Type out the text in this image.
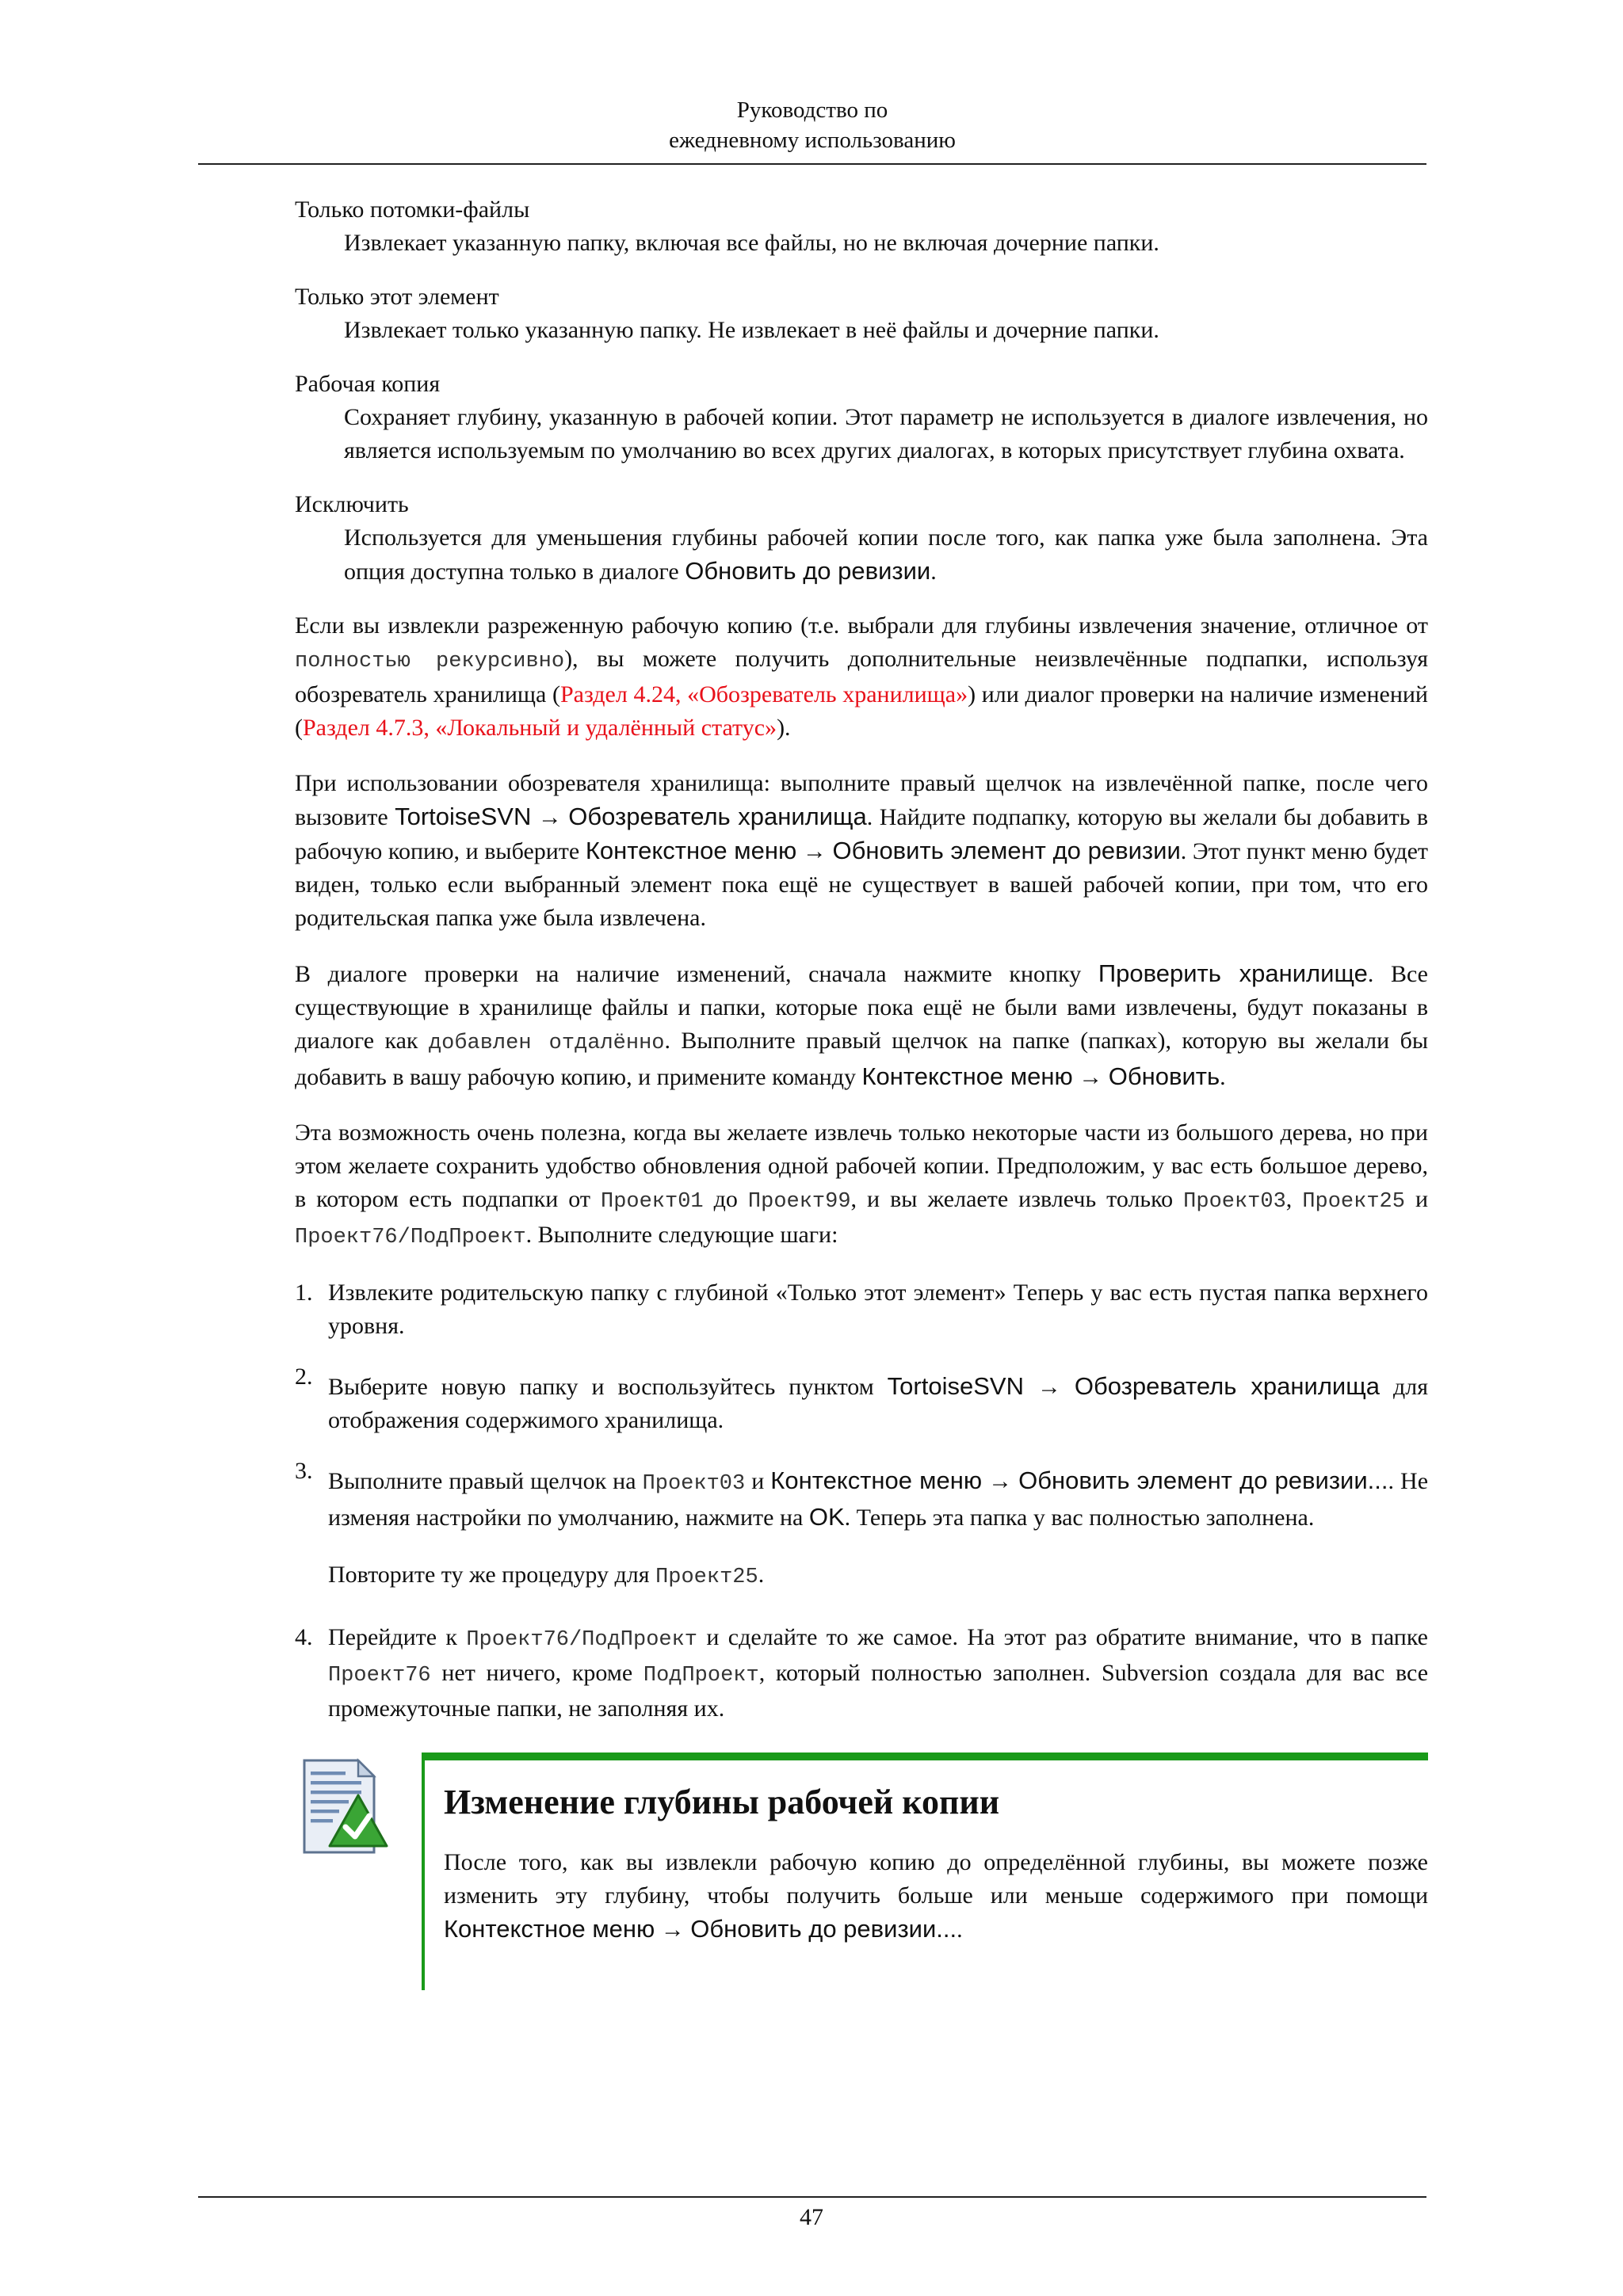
Руководство по
ежедневному использованию
Только потомки-файлы
Извлекает указанную папку, включая все файлы, но не включая дочерние папки.
Только этот элемент
Извлекает только указанную папку. Не извлекает в неё файлы и дочерние папки.
Рабочая копия
Сохраняет глубину, указанную в рабочей копии. Этот параметр не используется в диалоге извлечения, но является используемым по умолчанию во всех других диалогах, в которых присутствует глубина охвата.
Исключить
Используется для уменьшения глубины рабочей копии после того, как папка уже была заполнена. Эта опция доступна только в диалоге Обновить до ревизии.

Если вы извлекли разреженную рабочую копию (т.е. выбрали для глубины извлечения значение, отличное от полностью рекурсивно), вы можете получить дополнительные неизвлечённые подпапки, используя обозреватель хранилища (Раздел 4.24, «Обозреватель хранилища») или диалог проверки на наличие изменений (Раздел 4.7.3, «Локальный и удалённый статус»).

При использовании обозревателя хранилища: выполните правый щелчок на извлечённой папке, после чего вызовите TortoiseSVN → Обозреватель хранилища. Найдите подпапку, которую вы желали бы добавить в рабочую копию, и выберите Контекстное меню → Обновить элемент до ревизии. Этот пункт меню будет виден, только если выбранный элемент пока ещё не существует в вашей рабочей копии, при том, что его родительская папка уже была извлечена.

В диалоге проверки на наличие изменений, сначала нажмите кнопку Проверить хранилище. Все существующие в хранилище файлы и папки, которые пока ещё не были вами извлечены, будут показаны в диалоге как добавлен отдалённо. Выполните правый щелчок на папке (папках), которую вы желали бы добавить в вашу рабочую копию, и примените команду Контекстное меню → Обновить.

Эта возможность очень полезна, когда вы желаете извлечь только некоторые части из большого дерева, но при этом желаете сохранить удобство обновления одной рабочей копии. Предположим, у вас есть большое дерево, в котором есть подпапки от Проект01 до Проект99, и вы желаете извлечь только Проект03, Проект25 и Проект76/ПодПроект. Выполните следующие шаги:

1. Извлеките родительскую папку с глубиной «Только этот элемент» Теперь у вас есть пустая папка верхнего уровня.

2. Выберите новую папку и воспользуйтесь пунктом TortoiseSVN → Обозреватель хранилища для отображения содержимого хранилища.

3. Выполните правый щелчок на Проект03 и Контекстное меню → Обновить элемент до ревизии.... Не изменяя настройки по умолчанию, нажмите на OK. Теперь эта папка у вас полностью заполнена.

Повторите ту же процедуру для Проект25.

4. Перейдите к Проект76/ПодПроект и сделайте то же самое. На этот раз обратите внимание, что в папке Проект76 нет ничего, кроме ПодПроект, который полностью заполнен. Subversion создала для вас все промежуточные папки, не заполняя их.

Изменение глубины рабочей копии

После того, как вы извлекли рабочую копию до определённой глубины, вы можете позже изменить эту глубину, чтобы получить больше или меньше содержимого при помощи Контекстное меню → Обновить до ревизии....

47
